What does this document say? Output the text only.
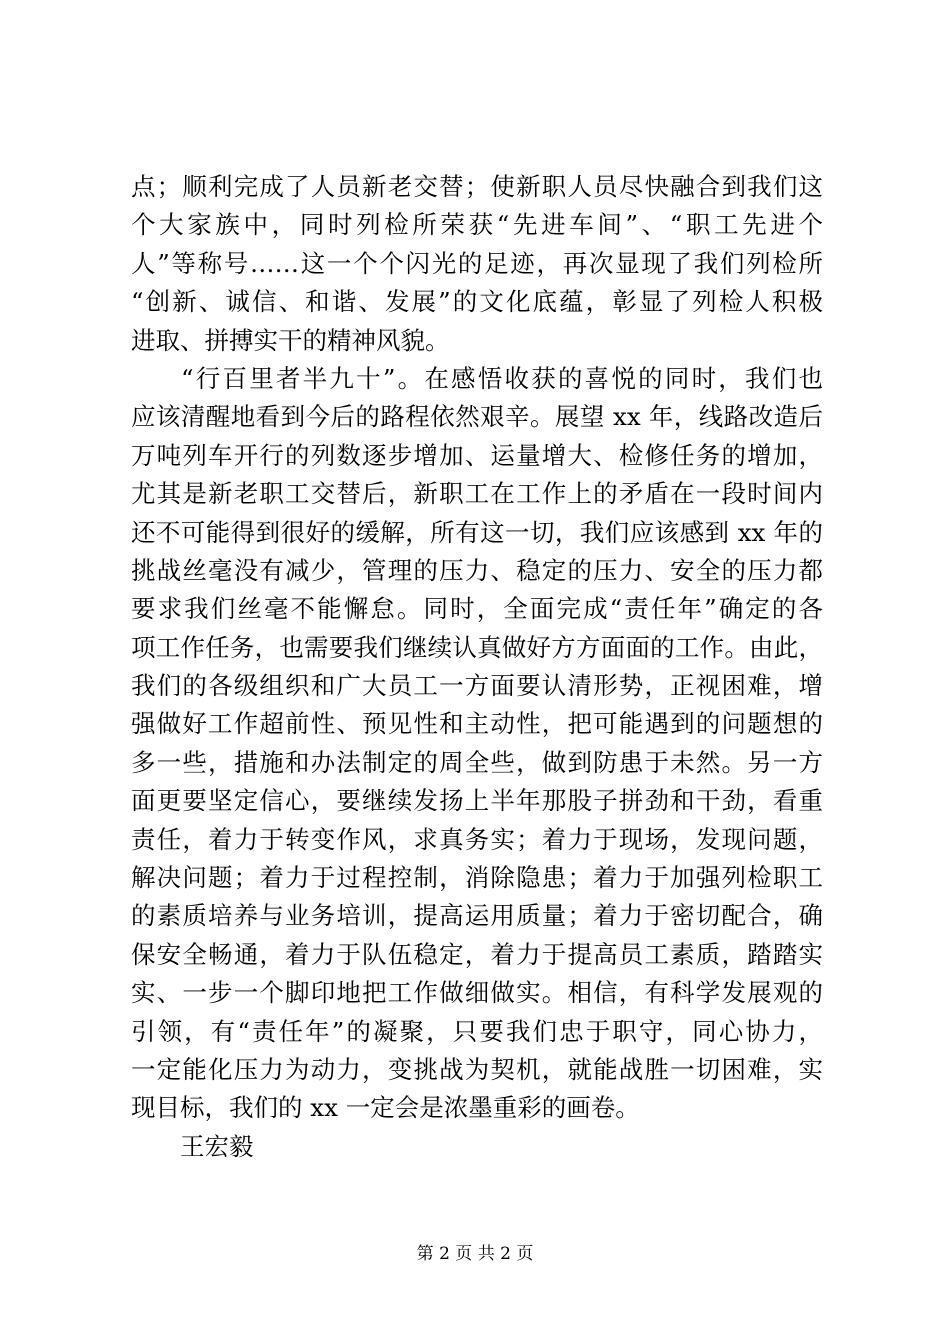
点；顺利完成了人员新老交替；使新职人员尽快融合到我们这
个大家族中，同时列检所荣获“先进车间”、“职工先进个
人”等称号……这一个个闪光的足迹，再次显现了我们列检所
“创新、诚信、和谐、发展”的文化底蕴，彰显了列检人积极
进取、拼搏实干的精神风貌。
“行百里者半九十”。在感悟收获的喜悦的同时，我们也
应该清醒地看到今后的路程依然艰辛。展望 xx 年，线路改造后
万吨列车开行的列数逐步增加、运量增大、检修任务的增加，
尤其是新老职工交替后，新职工在工作上的矛盾在一段时间内
还不可能得到很好的缓解，所有这一切，我们应该感到 xx 年的
挑战丝毫没有减少，管理的压力、稳定的压力、安全的压力都
要求我们丝毫不能懈怠。同时，全面完成“责任年”确定的各
项工作任务，也需要我们继续认真做好方方面面的工作。由此，
我们的各级组织和广大员工一方面要认清形势，正视困难，增
强做好工作超前性、预见性和主动性，把可能遇到的问题想的
多一些，措施和办法制定的周全些，做到防患于未然。另一方
面更要坚定信心，要继续发扬上半年那股子拼劲和干劲，看重
责任，着力于转变作风，求真务实；着力于现场，发现问题，
解决问题；着力于过程控制，消除隐患；着力于加强列检职工
的素质培养与业务培训，提高运用质量；着力于密切配合，确
保安全畅通，着力于队伍稳定，着力于提高员工素质，踏踏实
实、一步一个脚印地把工作做细做实。相信，有科学发展观的
引领，有“责任年”的凝聚，只要我们忠于职守，同心协力，
一定能化压力为动力，变挑战为契机，就能战胜一切困难，实
现目标，我们的 xx 一定会是浓墨重彩的画卷。
王宏毅
第 2 页 共 2 页
